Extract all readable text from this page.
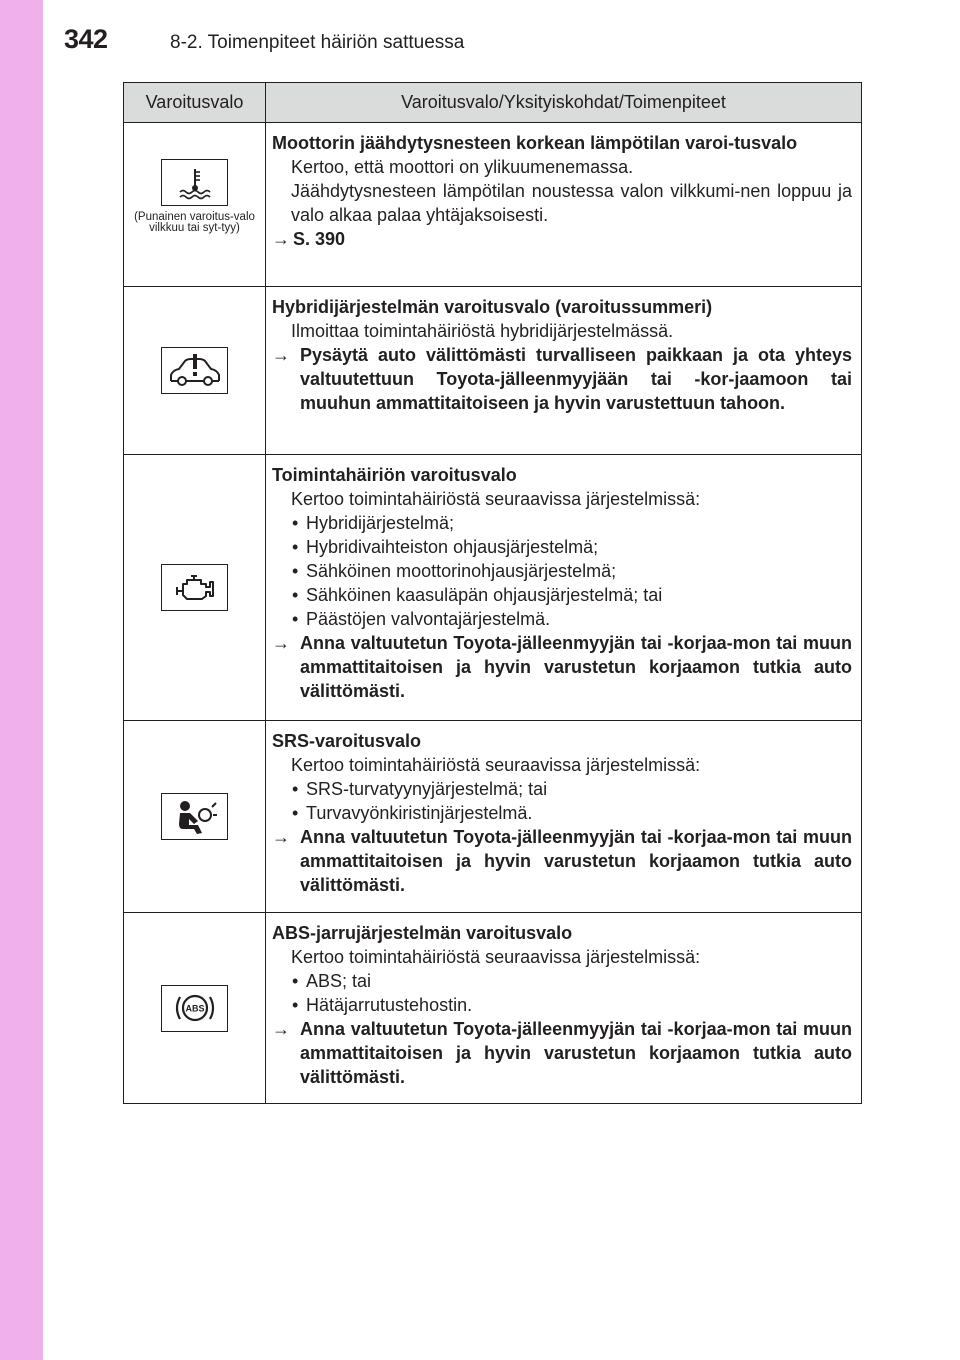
342	8-2. Toimenpiteet häiriön sattuessa
Varoitusvalo	Varoitusvalo/Yksityiskohdat/Toimenpiteet
(Punainen varoitus-valo vilkkuu tai syt-tyy)
Moottorin jäähdytysnesteen korkean lämpötilan varoi-tusvalo
Kertoo, että moottori on ylikuumenemassa.
Jäähdytysnesteen lämpötilan noustessa valon vilkkumi-nen loppuu ja valo alkaa palaa yhtäjaksoisesti.
→ S. 390
Hybridijärjestelmän varoitusvalo (varoitussummeri)
Ilmoittaa toimintahäiriöstä hybridijärjestelmässä.
→ Pysäytä auto välittömästi turvalliseen paikkaan ja ota yhteys valtuutettuun Toyota-jälleenmyyjään tai -kor-jaamoon tai muuhun ammattitaitoiseen ja hyvin varustettuun tahoon.
Toimintahäiriön varoitusvalo
Kertoo toimintahäiriöstä seuraavissa järjestelmissä:
• Hybridijärjestelmä;
• Hybridivaihteiston ohjausjärjestelmä;
• Sähköinen moottorinohjausjärjestelmä;
• Sähköinen kaasuläpän ohjausjärjestelmä; tai
• Päästöjen valvontajärjestelmä.
→ Anna valtuutetun Toyota-jälleenmyyjän tai -korjaa-mon tai muun ammattitaitoisen ja hyvin varustetun korjaamon tutkia auto välittömästi.
SRS-varoitusvalo
Kertoo toimintahäiriöstä seuraavissa järjestelmissä:
• SRS-turvatyynyjärjestelmä; tai
• Turvavyönkiristinjärjestelmä.
→ Anna valtuutetun Toyota-jälleenmyyjän tai -korjaa-mon tai muun ammattitaitoisen ja hyvin varustetun korjaamon tutkia auto välittömästi.
ABS
ABS-jarrujärjestelmän varoitusvalo
Kertoo toimintahäiriöstä seuraavissa järjestelmissä:
• ABS; tai
• Hätäjarrutustehostin.
→ Anna valtuutetun Toyota-jälleenmyyjän tai -korjaa-mon tai muun ammattitaitoisen ja hyvin varustetun korjaamon tutkia auto välittömästi.
